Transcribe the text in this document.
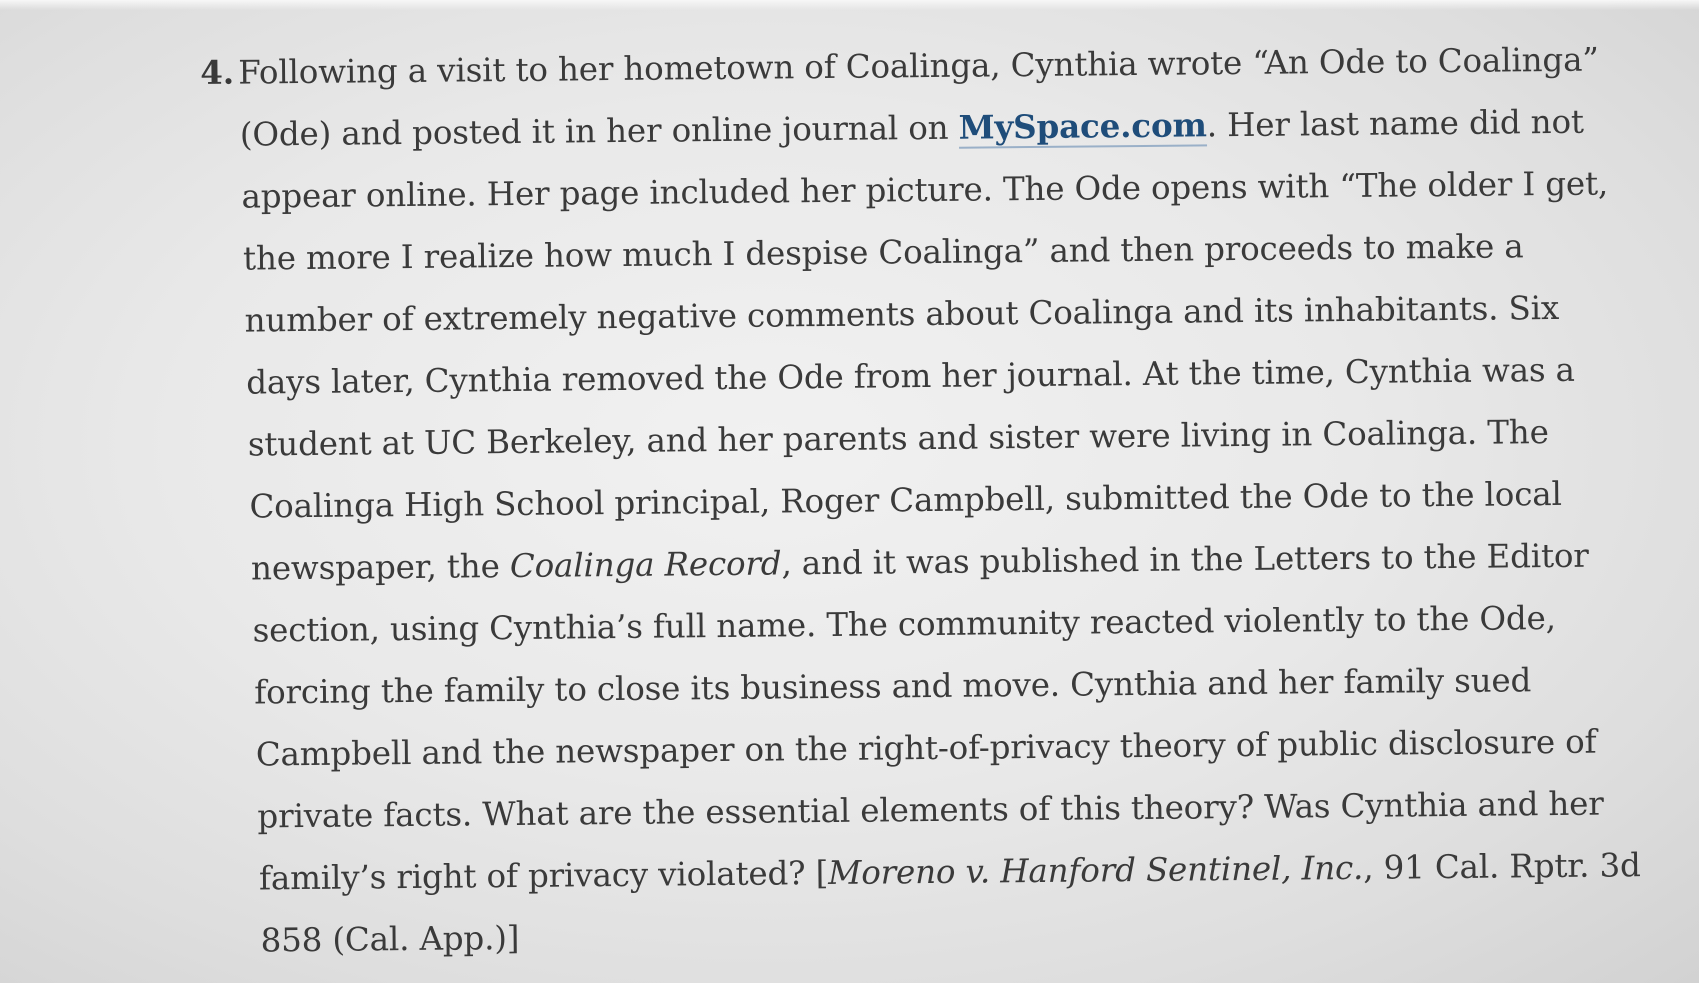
4. Following a visit to her hometown of Coalinga, Cynthia wrote “An Ode to Coalinga”
(Ode) and posted it in her online journal on MySpace.com. Her last name did not
appear online. Her page included her picture. The Ode opens with “The older I get,
the more I realize how much I despise Coalinga” and then proceeds to make a
number of extremely negative comments about Coalinga and its inhabitants. Six
days later, Cynthia removed the Ode from her journal. At the time, Cynthia was a
student at UC Berkeley, and her parents and sister were living in Coalinga. The
Coalinga High School principal, Roger Campbell, submitted the Ode to the local
newspaper, the Coalinga Record, and it was published in the Letters to the Editor
section, using Cynthia’s full name. The community reacted violently to the Ode,
forcing the family to close its business and move. Cynthia and her family sued
Campbell and the newspaper on the right-of-privacy theory of public disclosure of
private facts. What are the essential elements of this theory? Was Cynthia and her
family’s right of privacy violated? [Moreno v. Hanford Sentinel, Inc., 91 Cal. Rptr. 3d
858 (Cal. App.)]
